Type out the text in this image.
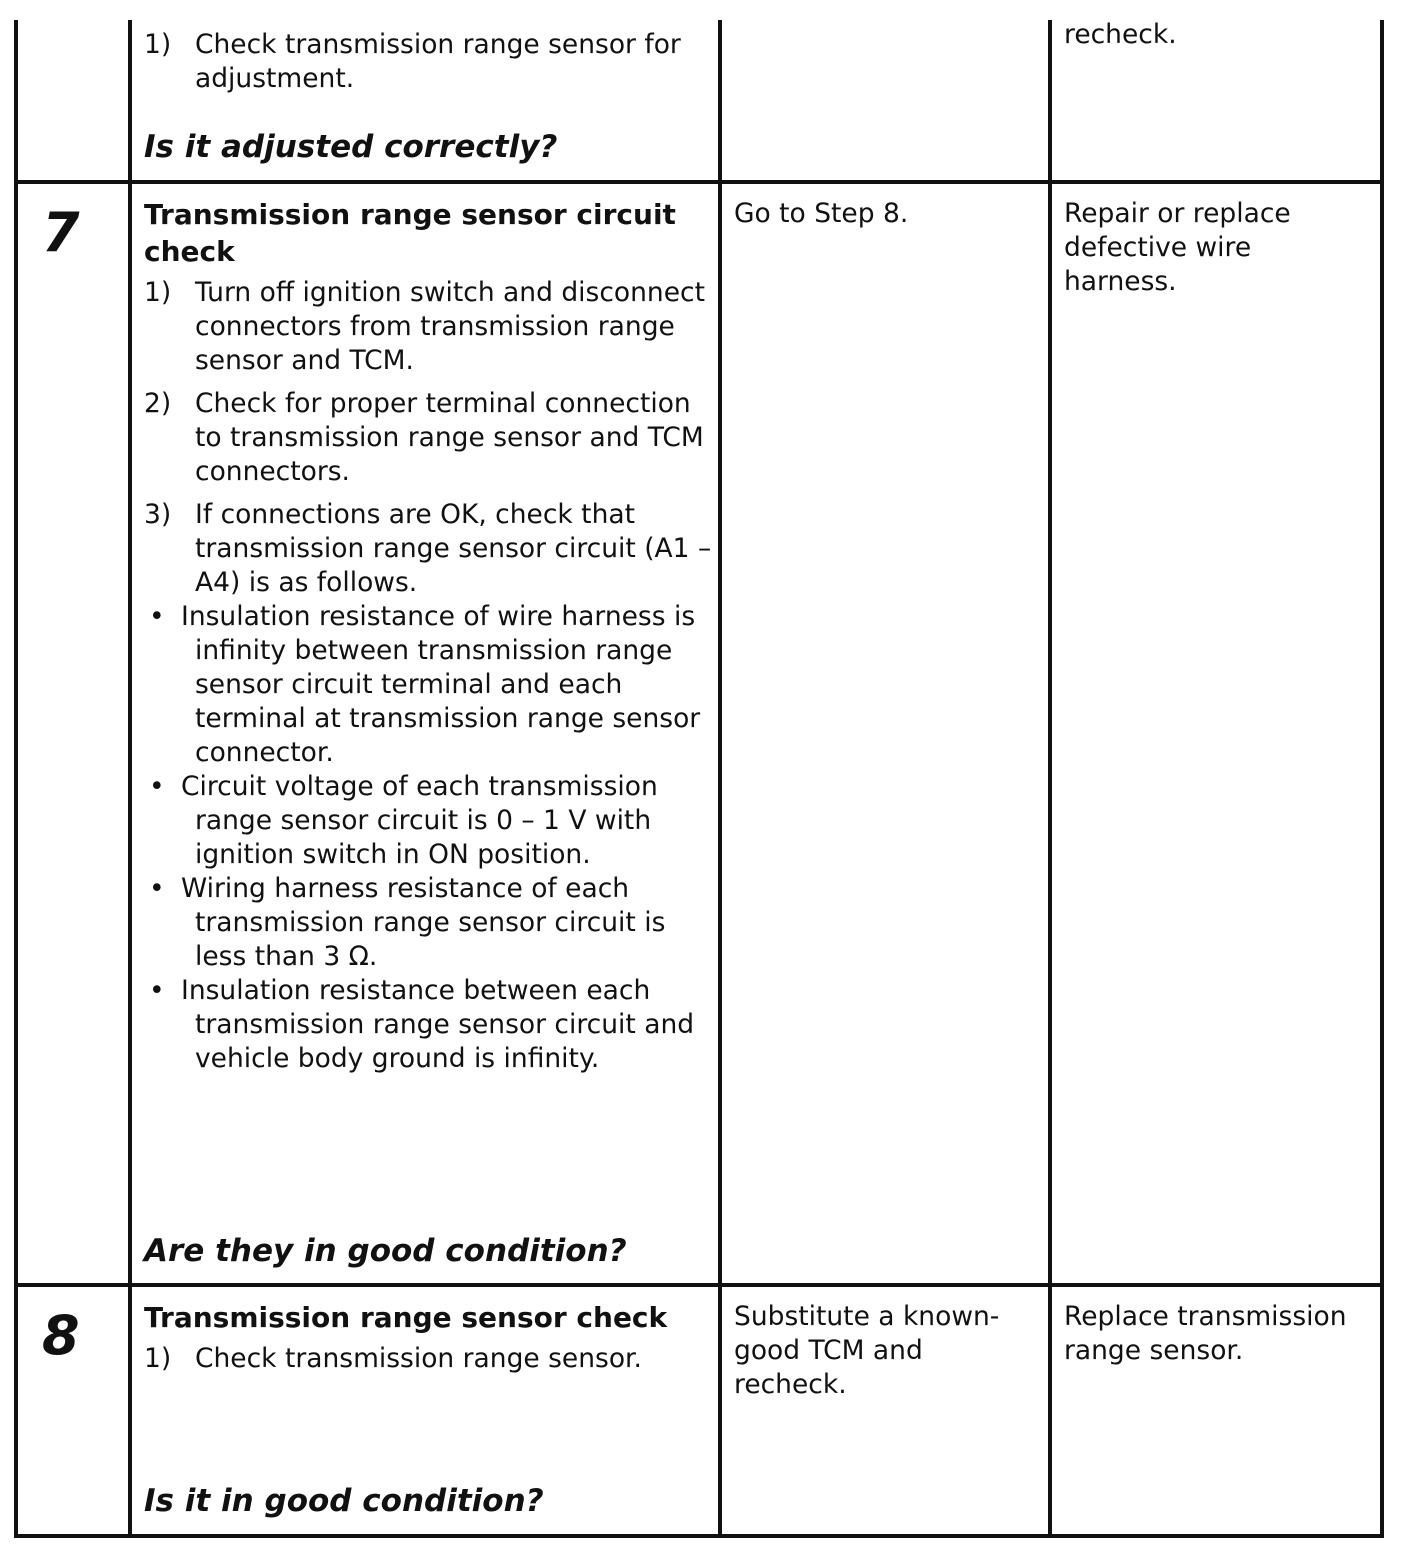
1) Check transmission range sensor for adjustment.
Is it adjusted correctly?

recheck.

7 Transmission range sensor circuit check
1) Turn off ignition switch and disconnect connectors from transmission range sensor and TCM.
2) Check for proper terminal connection to transmission range sensor and TCM connectors.
3) If connections are OK, check that transmission range sensor circuit (A1 – A4) is as follows.
• Insulation resistance of wire harness is infinity between transmission range sensor circuit terminal and each terminal at transmission range sensor connector.
• Circuit voltage of each transmission range sensor circuit is 0 – 1 V with ignition switch in ON position.
• Wiring harness resistance of each transmission range sensor circuit is less than 3 Ω.
• Insulation resistance between each transmission range sensor circuit and vehicle body ground is infinity.
Are they in good condition?

Go to Step 8.	Repair or replace defective wire harness.

8 Transmission range sensor check
1) Check transmission range sensor.
Is it in good condition?

Substitute a known-good TCM and recheck.

Replace transmission range sensor.
